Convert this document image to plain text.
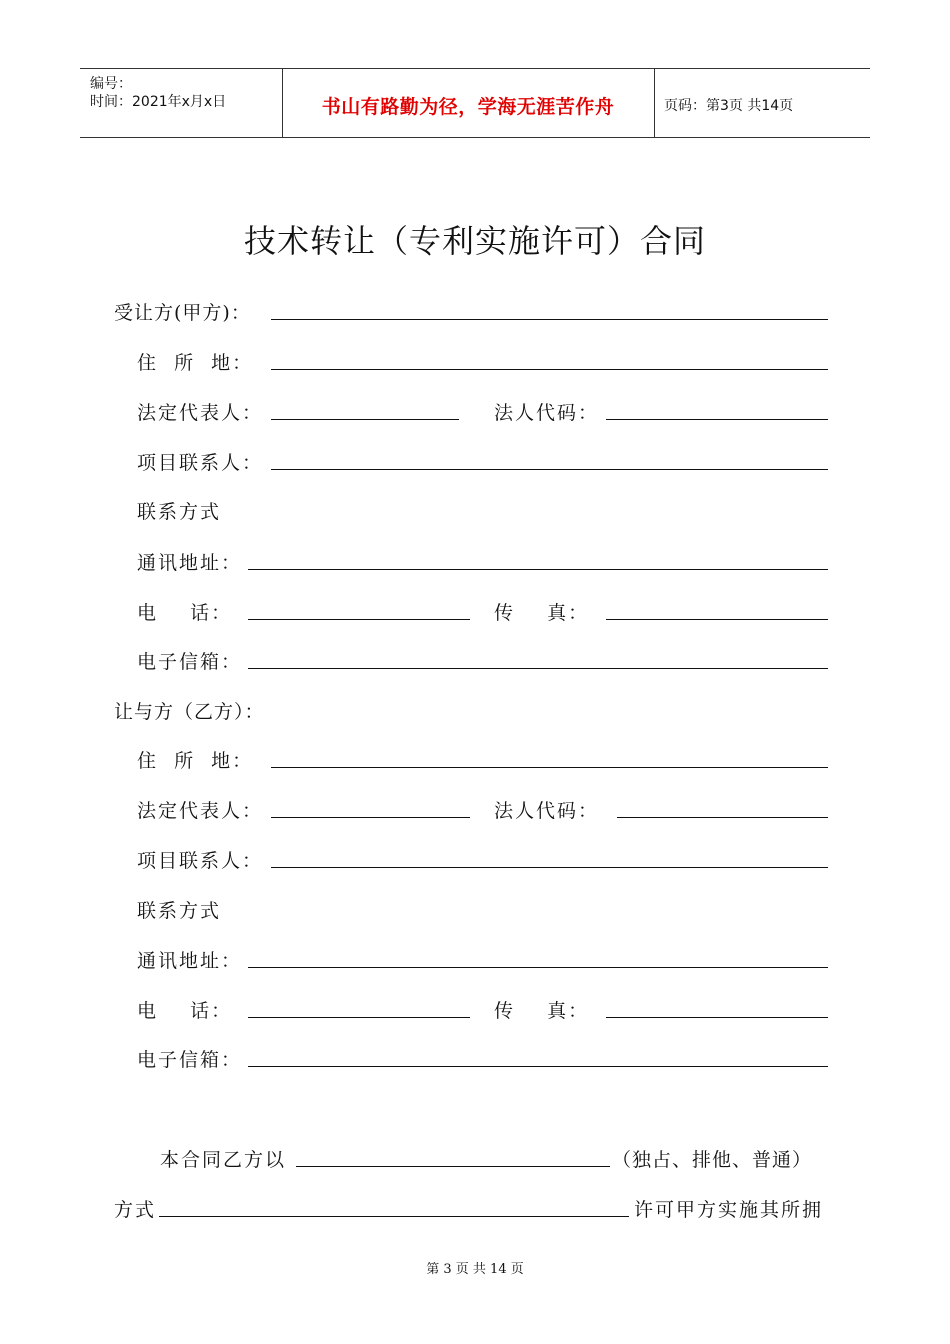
编号：
时间：2021年x月x日	书山有路勤为径，学海无涯苦作舟	页码：第3页 共14页
技术转让（专利实施许可）合同
受让方(甲方)：
住  所  地：
法定代表人：	法人代码：
项目联系人：
联系方式
通讯地址：
电    话：	传    真：
电子信箱：
让与方（乙方）：
住  所  地：
法定代表人：	法人代码：
项目联系人：
联系方式
通讯地址：
电    话：	传    真：
电子信箱：
本合同乙方以	（独占、排他、普通）
方式	许可甲方实施其所拥
第 3 页 共 14 页
